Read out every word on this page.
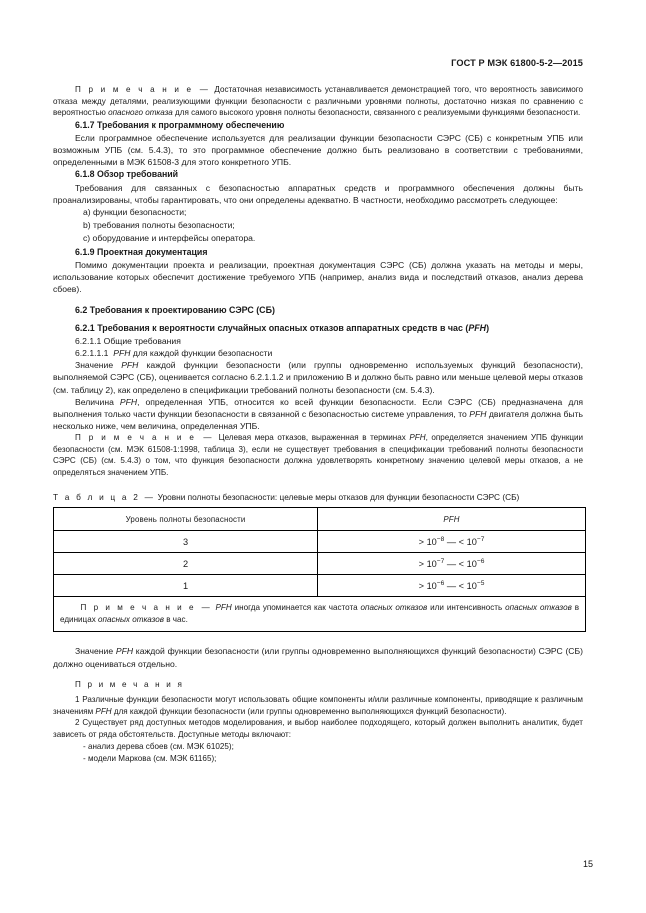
ГОСТ Р МЭК 61800-5-2—2015

П р и м е ч а н и е — Достаточная независимость устанавливается демонстрацией того, что вероятность зависимого отказа между деталями, реализующими функции безопасности с различными уровнями полноты, достаточно низкая по сравнению с вероятностью опасного отказа для самого высокого уровня полноты безопасности, связанного с реализуемыми функциями безопасности.

6.1.7 Требования к программному обеспечению

Если программное обеспечение используется для реализации функции безопасности СЭРС (СБ) с конкретным УПБ или возможным УПБ (см. 5.4.3), то это программное обеспечение должно быть реализовано в соответствии с требованиями, определенными в МЭК 61508-3 для этого конкретного УПБ.

6.1.8 Обзор требований

Требования для связанных с безопасностью аппаратных средств и программного обеспечения должны быть проанализированы, чтобы гарантировать, что они определены адекватно. В частности, необходимо рассмотреть следующее:

a) функции безопасности;

b) требования полноты безопасности;

c) оборудование и интерфейсы оператора.

6.1.9 Проектная документация

Помимо документации проекта и реализации, проектная документация СЭРС (СБ) должна указать на методы и меры, использование которых обеспечит достижение требуемого УПБ (например, анализ вида и последствий отказов, анализ дерева сбоев).

6.2 Требования к проектированию СЭРС (СБ)
6.2.1 Требования к вероятности случайных опасных отказов аппаратных средств в час (PFH)

6.2.1.1 Общие требования

6.2.1.1.1 PFH для каждой функции безопасности

Значение PFH каждой функции безопасности (или группы одновременно используемых функций безопасности), выполняемой СЭРС (СБ), оценивается согласно 6.2.1.1.2 и приложению В и должно быть равно или меньше целевой меры отказов (см. таблицу 2), как определено в спецификации требований полноты безопасности (см. 5.4.3).

Величина PFH, определенная УПБ, относится ко всей функции безопасности. Если СЭРС (СБ) предназначена для выполнения только части функции безопасности в связанной с безопасностью системе управления, то PFH двигателя должна быть несколько ниже, чем величина, определенная УПБ.

П р и м е ч а н и е — Целевая мера отказов, выраженная в терминах PFH, определяется значением УПБ функции безопасности (см. МЭК 61508-1:1998, таблица 3), если не существует требования в спецификации требований полноты безопасности СЭРС (СБ) (см. 5.4.3) о том, что функция безопасности должна удовлетворять конкретному значению целевой меры отказов, а не определяться значением УПБ.

Т а б л и ц а 2 — Уровни полноты безопасности: целевые меры отказов для функции безопасности СЭРС (СБ)

Уровень полноты безопасности	PFH
3	> $10^{-8}$ — < $10^{-7}$
2	> $10^{-7}$ — < $10^{-6}$
1	> $10^{-6}$ — < $10^{-5}$
П р и м е ч а н и е — PFH иногда упоминается как частота опасных отказов или интенсивность опасных отказов в единицах опасных отказов в час.	

Значение PFH каждой функции безопасности (или группы одновременно выполняющихся функций безопасности) СЭРС (СБ) должно оцениваться отдельно.

П р и м е ч а н и я

1 Различные функции безопасности могут использовать общие компоненты и/или различные компоненты, приводящие к различным значениям PFH для каждой функции безопасности (или группы одновременно выполняющихся функций безопасности).

2 Существует ряд доступных методов моделирования, и выбор наиболее подходящего, который должен выполнить аналитик, будет зависеть от ряда обстоятельств. Доступные методы включают:

- анализ дерева сбоев (см. МЭК 61025);

- модели Маркова (см. МЭК 61165);

15
